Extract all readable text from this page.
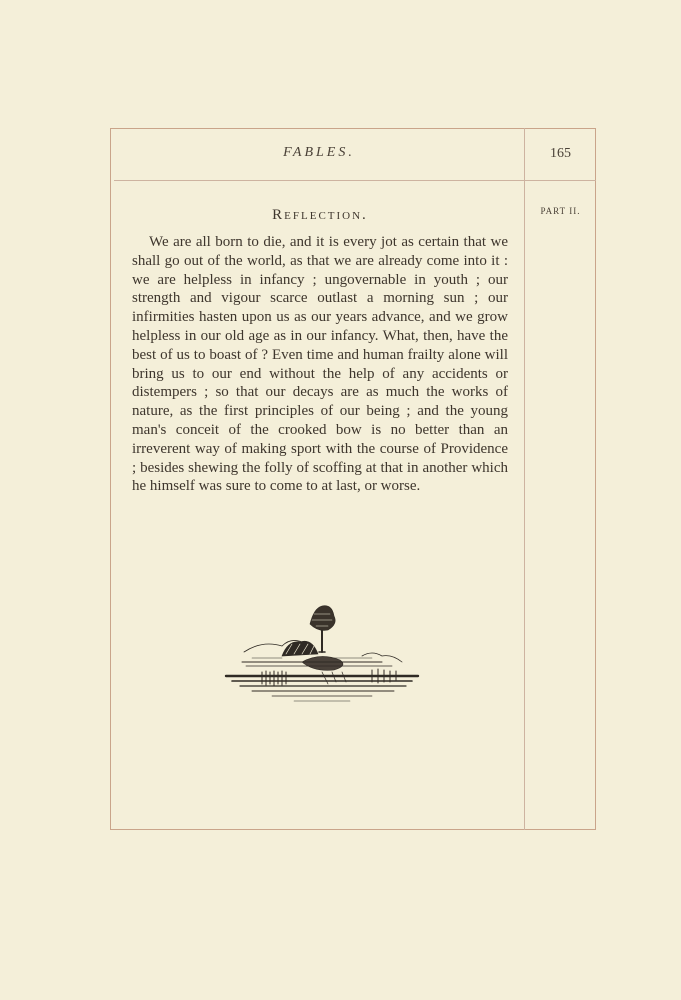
FABLES.	165
PART II.
Reflection.

We are all born to die, and it is every jot as certain that we shall go out of the world, as that we are already come into it : we are helpless in infancy ; ungovernable in youth ; our strength and vigour scarce outlast a morning sun ; our infirmities hasten upon us as our years advance, and we grow helpless in our old age as in our infancy. What, then, have the best of us to boast of ? Even time and human frailty alone will bring us to our end without the help of any accidents or distempers ; so that our decays are as much the works of nature, as the first principles of our being ; and the young man's conceit of the crooked bow is no better than an irreverent way of making sport with the course of Providence ; besides shewing the folly of scoffing at that in another which he himself was sure to come to at last, or worse.
